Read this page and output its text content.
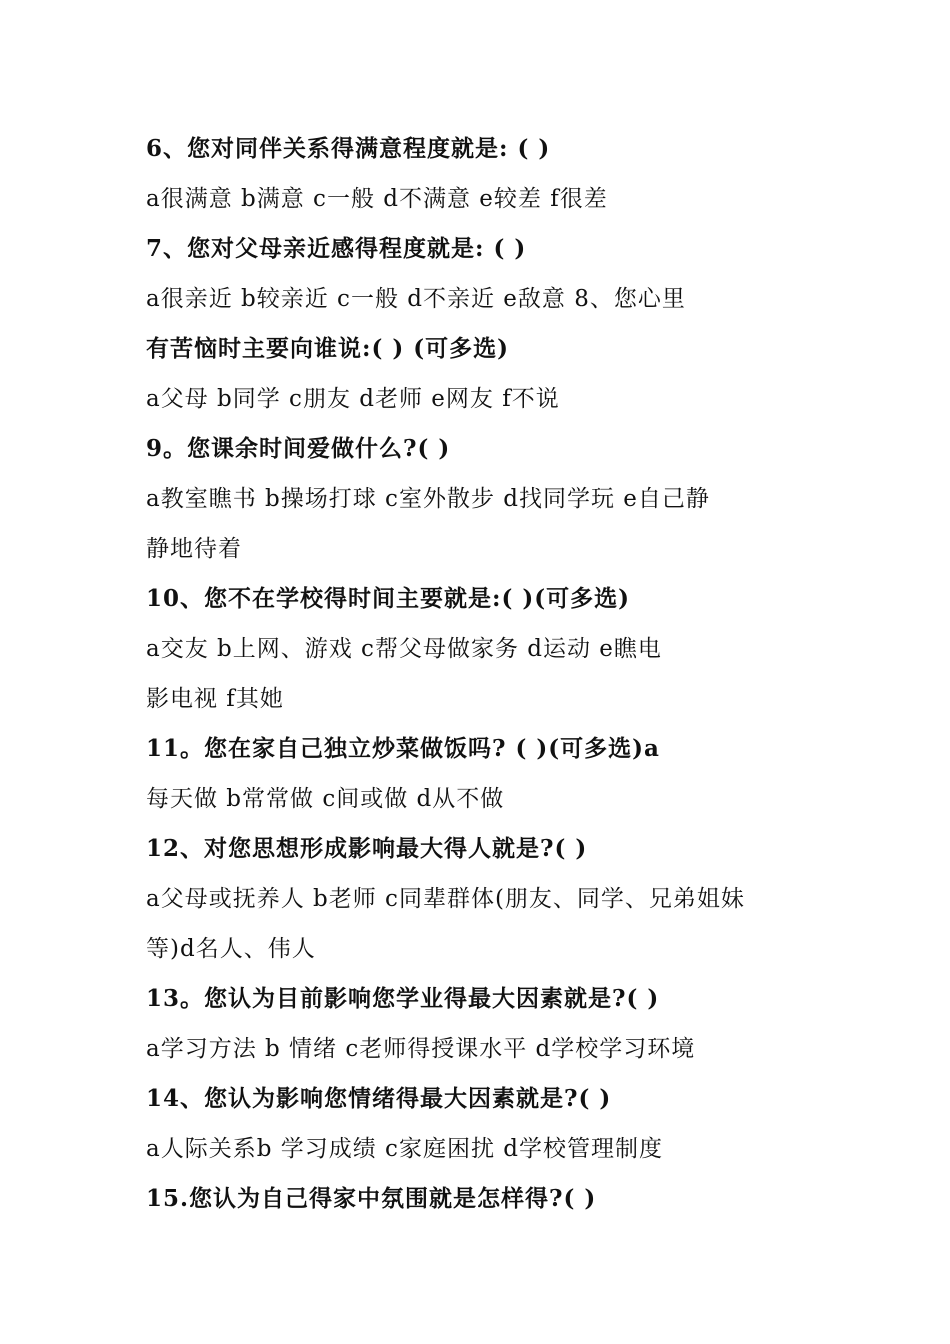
6、您对同伴关系得满意程度就是: ( )
a很满意 b满意 c一般 d不满意 e较差 f很差
7、您对父母亲近感得程度就是: ( )
a很亲近 b较亲近 c一般 d不亲近 e敌意 8、您心里
有苦恼时主要向谁说:( ) (可多选)
a父母 b同学 c朋友 d老师 e网友 f不说
9。您课余时间爱做什么?( )
a教室瞧书 b操场打球 c室外散步 d找同学玩 e自己静
静地待着
10、您不在学校得时间主要就是:( )(可多选)
a交友 b上网、游戏 c帮父母做家务 d运动 e瞧电
影电视 f其她
11。您在家自己独立炒菜做饭吗? ( )(可多选)a
每天做 b常常做 c间或做 d从不做
12、对您思想形成影响最大得人就是?( )
a父母或抚养人 b老师 c同辈群体(朋友、同学、兄弟姐妹
等)d名人、伟人
13。您认为目前影响您学业得最大因素就是?( )
a学习方法 b 情绪 c老师得授课水平 d学校学习环境
14、您认为影响您情绪得最大因素就是?( )
a人际关系b 学习成绩 c家庭困扰 d学校管理制度
15.您认为自己得家中氛围就是怎样得?( )
